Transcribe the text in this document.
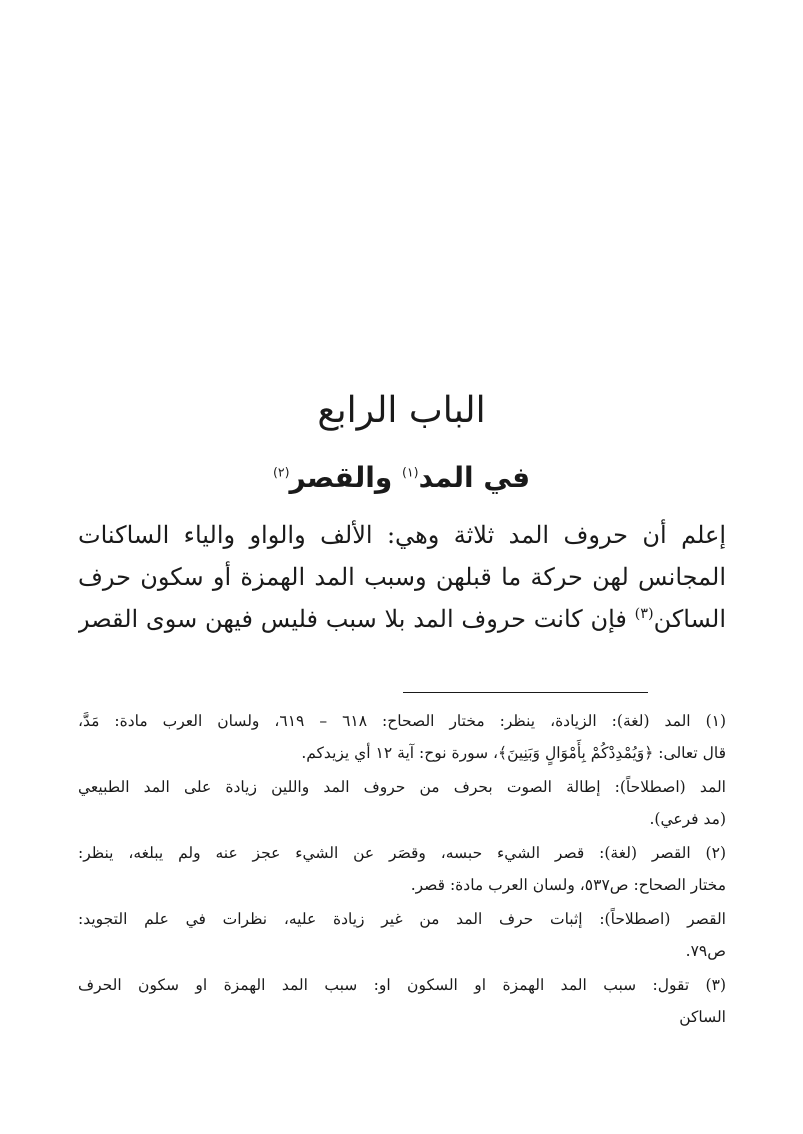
الباب الرابع
في المد$^{(١)}$ والقصر$^{(٢)}$
إعلم أن حروف المد ثلاثة وهي: الألف والواو والياء الساكنات
المجانس لهن حركة ما قبلهن وسبب المد الهمزة أو سكون حرف
الساكن$^{(٣)}$ فإن كانت حروف المد بلا سبب فليس فيهن سوى القصر
(١) المد (لغة): الزيادة، ينظر: مختار الصحاح: ٦١٨ – ٦١٩، ولسان العرب مادة: مَدَّ،
قال تعالى: ﴿وَيُمْدِدْكُمْ بِأَمْوَالٍ وَبَنِينَ﴾، سورة نوح: آية ١٢ أي يزيدكم.
المد (اصطلاحاً): إطالة الصوت بحرف من حروف المد واللين زيادة على المد الطبيعي
(مد فرعي).
(٢) القصر (لغة): قصر الشيء حبسه، وقصَر عن الشيء عجز عنه ولم يبلغه، ينظر:
مختار الصحاح: ص٥٣٧، ولسان العرب مادة: قصر.
القصر (اصطلاحاً): إثبات حرف المد من غير زيادة عليه، نظرات في علم التجويد:
ص٧٩.
(٣) تقول: سبب المد الهمزة او السكون او: سبب المد الهمزة او سكون الحرف
الساكن
